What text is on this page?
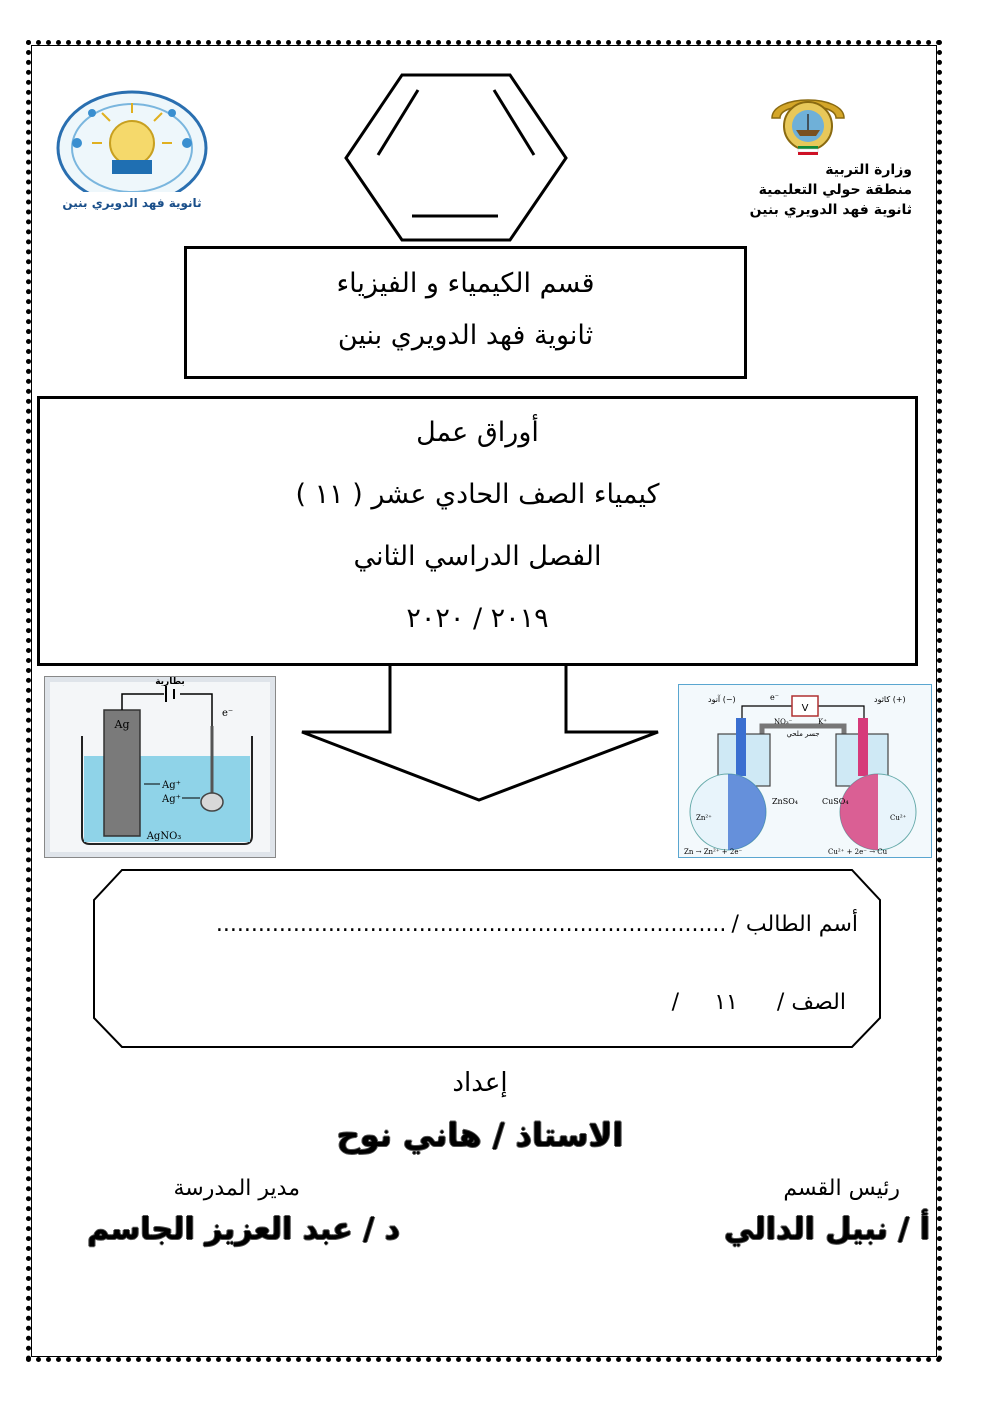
ثانوية فهد الدويري بنين
وزارة التربية
منطقة حولي التعليمية
ثانوية فهد الدويري بنين
قسم الكيمياء و الفيزياء
ثانوية فهد الدويري بنين
أوراق عمل
كيمياء الصف الحادي عشر ( ١١ )
الفصل الدراسي الثاني
٢٠١٩ / ٢٠٢٠
Ag
بطارية
e⁻
Ag⁺
Ag⁺
AgNO₃
V
e⁻
آنود (−)	كاثود (+)
NO₃⁻	K⁺
جسر ملحي
ZnSO₄	CuSO₄
Zn²⁺	Cu²⁺
Zn → Zn²⁺ + 2e⁻	Cu²⁺ + 2e⁻ → Cu
أسم الطالب / .........................................................................
الصف / ١١ /
إعداد
الاستاذ / هاني نوح
رئيس القسم
مدير المدرسة
أ / نبيل الدالي
د / عبد العزيز الجاسم
